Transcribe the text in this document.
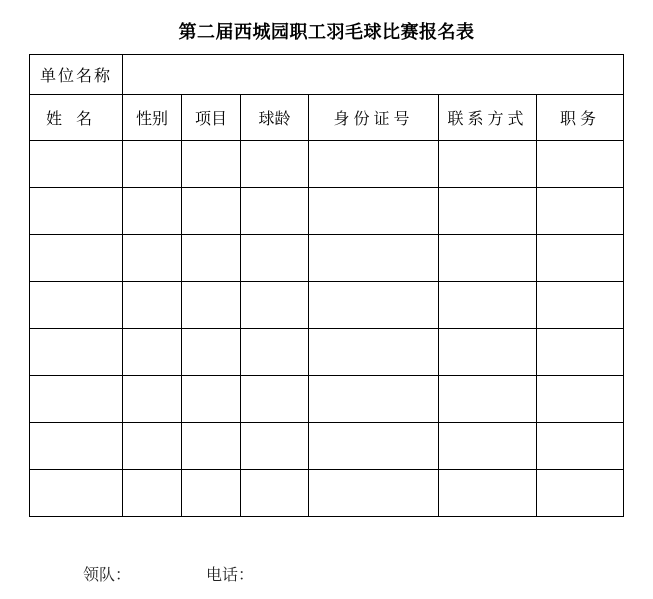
第二届西城园职工羽毛球比赛报名表
单位名称						
姓名	性别	项目	球龄	身份证号	联系方式	职务

领队：	电话：
